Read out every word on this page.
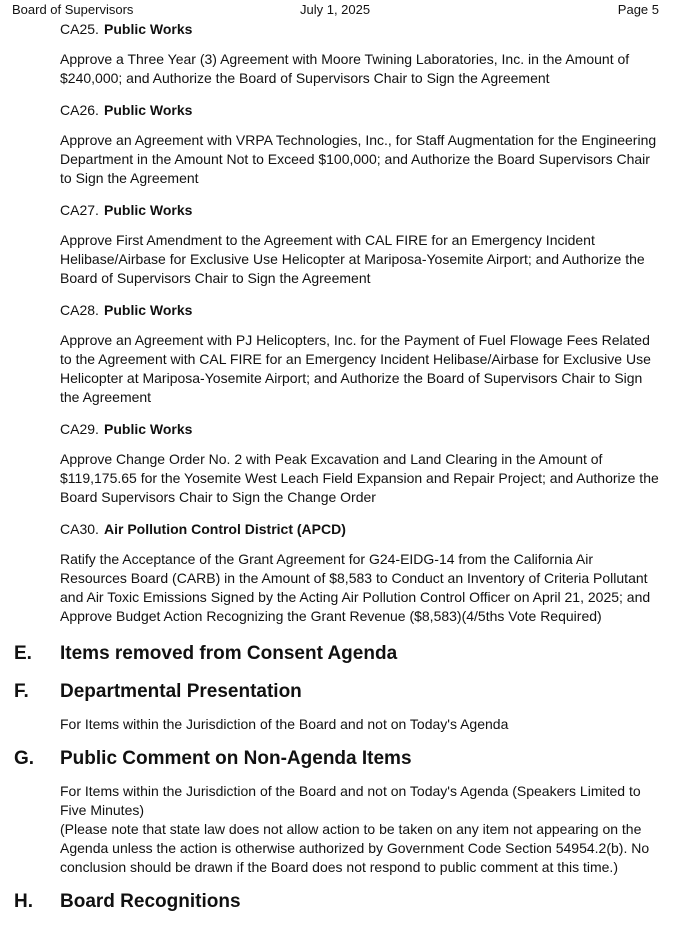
Board of Supervisors	July 1, 2025	Page 5
CA25. Public Works
Approve a Three Year (3) Agreement with Moore Twining Laboratories, Inc. in the Amount of $240,000; and Authorize the Board of Supervisors Chair to Sign the Agreement
CA26. Public Works
Approve an Agreement with VRPA Technologies, Inc., for Staff Augmentation for the Engineering Department in the Amount Not to Exceed $100,000; and Authorize the Board Supervisors Chair to Sign the Agreement
CA27. Public Works
Approve First Amendment to the Agreement with CAL FIRE for an Emergency Incident Helibase/Airbase for Exclusive Use Helicopter at Mariposa-Yosemite Airport; and Authorize the Board of Supervisors Chair to Sign the Agreement
CA28. Public Works
Approve an Agreement with PJ Helicopters, Inc. for the Payment of Fuel Flowage Fees Related to the Agreement with CAL FIRE for an Emergency Incident Helibase/Airbase for Exclusive Use Helicopter at Mariposa-Yosemite Airport; and Authorize the Board of Supervisors Chair to Sign the Agreement
CA29. Public Works
Approve Change Order No. 2 with Peak Excavation and Land Clearing in the Amount of $119,175.65 for the Yosemite West Leach Field Expansion and Repair Project; and Authorize the Board Supervisors Chair to Sign the Change Order
CA30. Air Pollution Control District (APCD)
Ratify the Acceptance of the Grant Agreement for G24-EIDG-14 from the California Air Resources Board (CARB) in the Amount of $8,583 to Conduct an Inventory of Criteria Pollutant and Air Toxic Emissions Signed by the Acting Air Pollution Control Officer on April 21, 2025; and Approve Budget Action Recognizing the Grant Revenue ($8,583)(4/5ths Vote Required)
E. Items removed from Consent Agenda
F. Departmental Presentation
For Items within the Jurisdiction of the Board and not on Today's Agenda
G. Public Comment on Non-Agenda Items
For Items within the Jurisdiction of the Board and not on Today's Agenda (Speakers Limited to Five Minutes)
(Please note that state law does not allow action to be taken on any item not appearing on the Agenda unless the action is otherwise authorized by Government Code Section 54954.2(b). No conclusion should be drawn if the Board does not respond to public comment at this time.)
H. Board Recognitions
